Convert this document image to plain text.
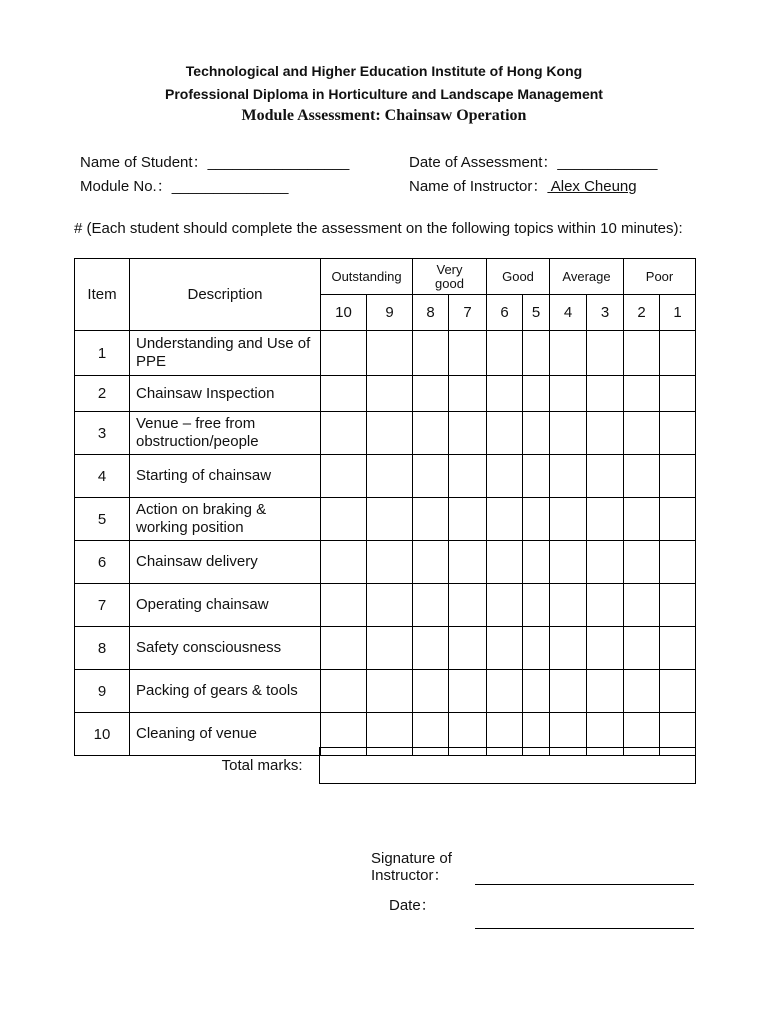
Technological and Higher Education Institute of Hong Kong
Professional Diploma in Horticulture and Landscape Management
Module Assessment: Chainsaw Operation
Name of Student：_________________	Date of Assessment：____________
Module No.：______________	Name of Instructor： Alex Cheung
# (Each student should complete the assessment on the following topics within 10 minutes):
Item	Description	Outstanding		Very good		Good		Average		Poor	
		10	9	8	7	6	5	4	3	2	1
1	Understanding and Use of PPE										
2	Chainsaw Inspection										
3	Venue – free from obstruction/people										
4	Starting of chainsaw										
5	Action on braking & working position										
6	Chainsaw delivery										
7	Operating chainsaw										
8	Safety consciousness										
9	Packing of gears & tools										
10	Cleaning of venue										
Total marks:	
Signature of
Instructor：
Date：
